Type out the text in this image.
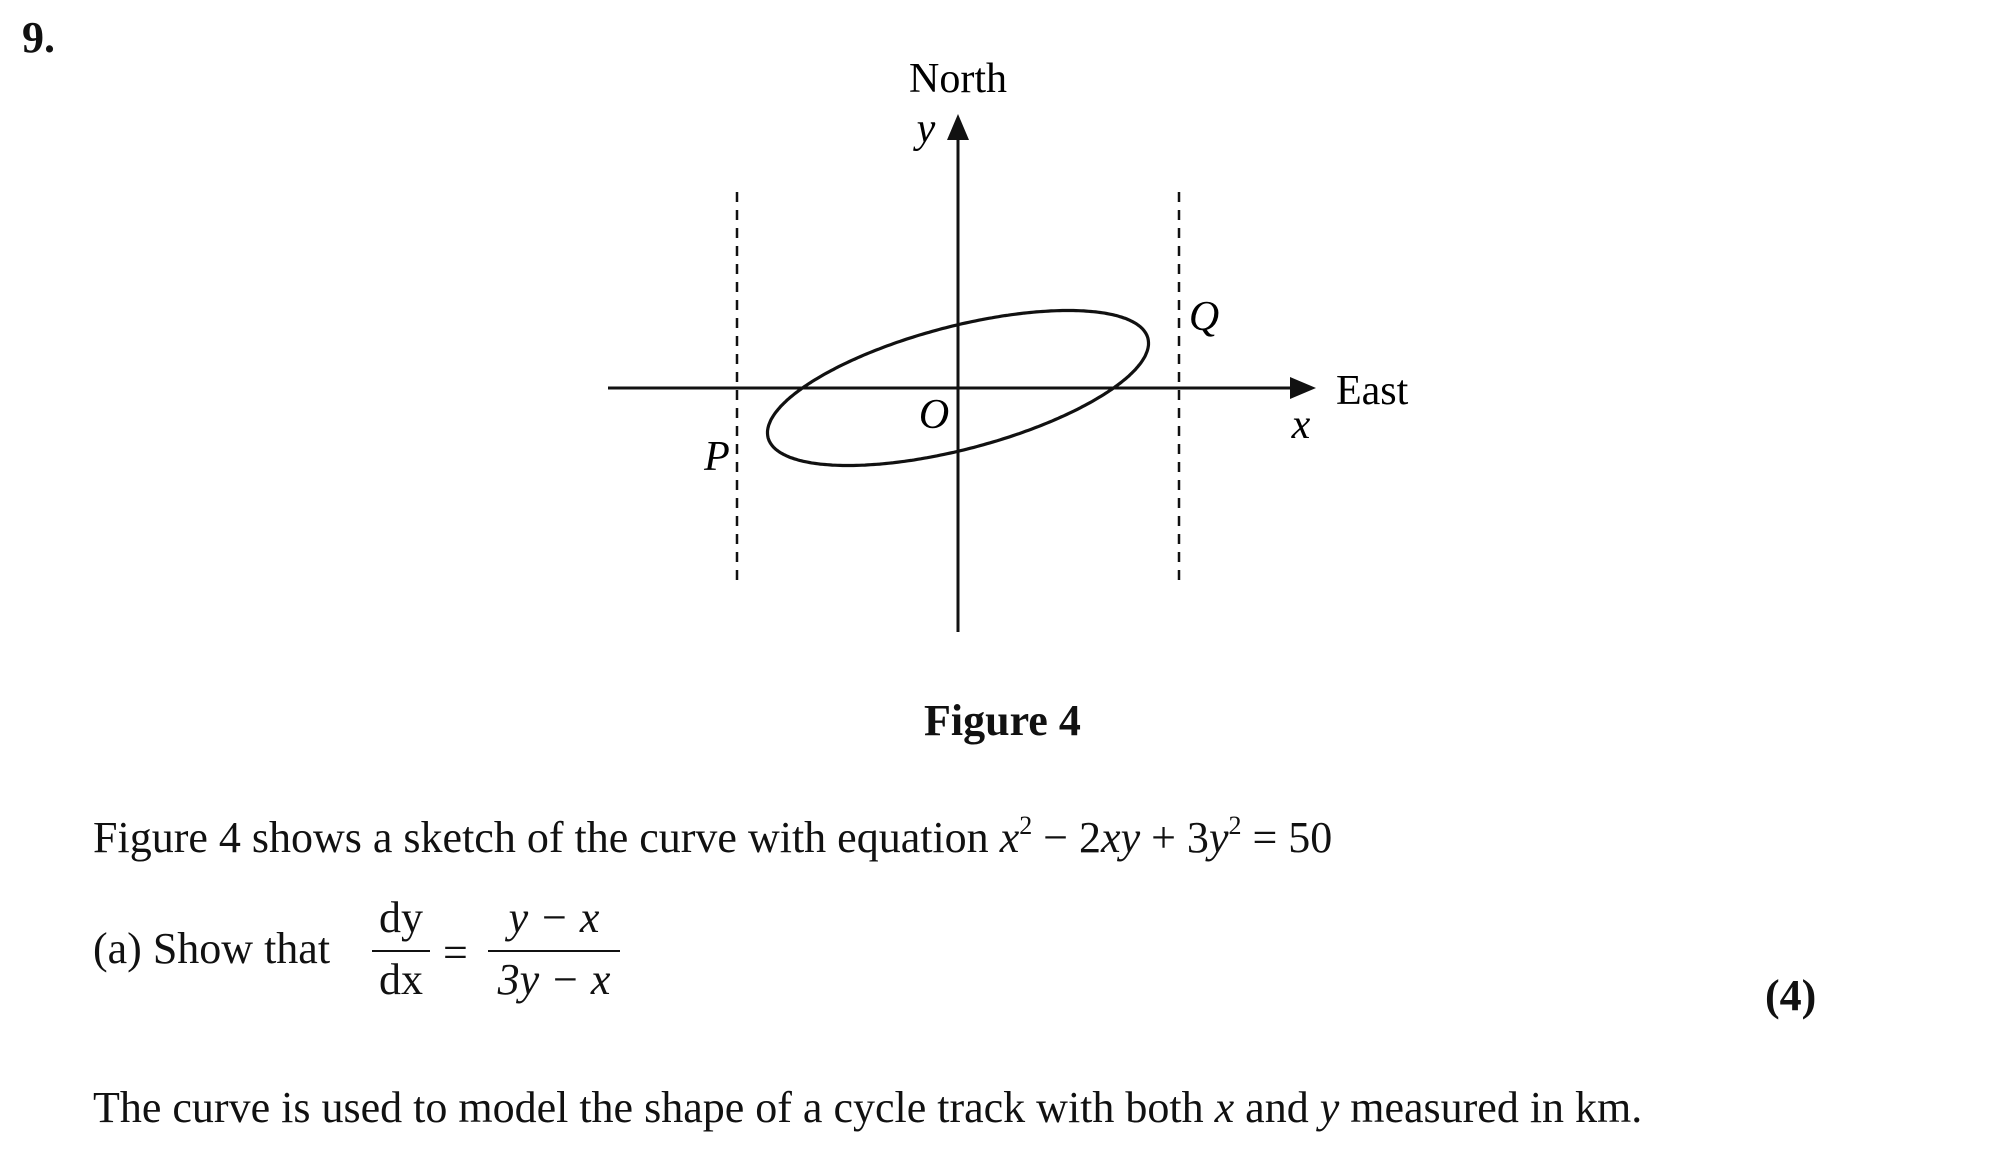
9.
North
y
East
x
O
P
Q
Figure 4
Figure 4 shows a sketch of the curve with equation $x^2 - 2xy + 3y^2 = 50$
(a) Show that
dy
dx
=
y − x
3y − x	(4)
The curve is used to model the shape of a cycle track with both x and y measured in km.
